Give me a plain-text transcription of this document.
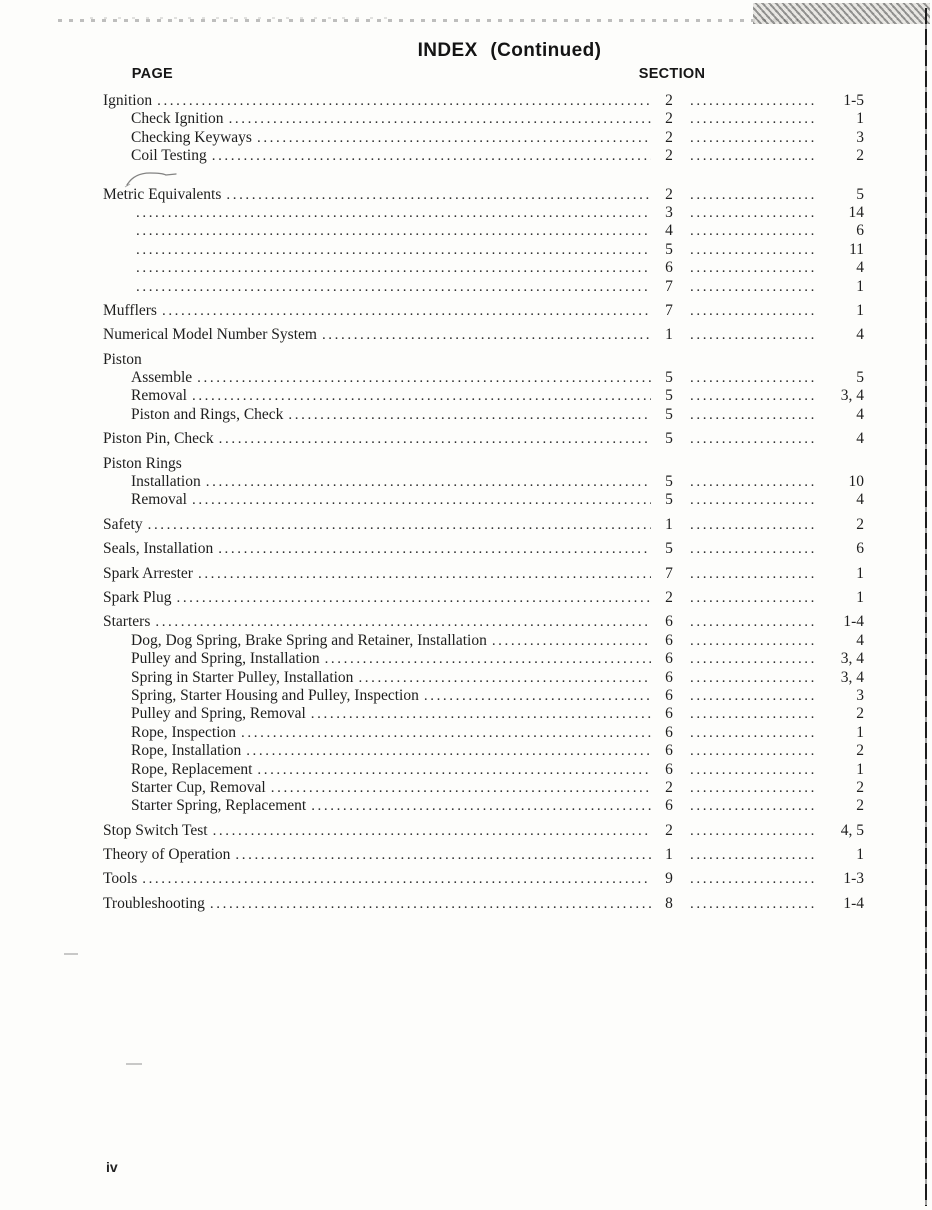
INDEX (Continued)
SECTION
PAGE
Ignition .....	2 .....	1-5
Check Ignition .....	2 .....	1
Checking Keyways .....	2 .....	3
Coil Testing .....	2 .....	2
Metric Equivalents .....	2 .....	5
.....
3 .....	14
.....
4 .....	6
.....
5 .....	11
.....
6 .....	4
.....
7 .....	1
Mufflers .....	7 .....	1
Numerical Model Number System .....	1 .....	4
Piston
Assemble .....	5 .....	5
Removal .....	5 .....	3, 4
Piston and Rings, Check .....	5 .....	4
Piston Pin, Check .....	5 .....	4
Piston Rings
Installation .....	5 .....	10
Removal .....	5 .....	4
Safety .....	1 .....	2
Seals, Installation .....	5 .....	6
Spark Arrester .....	7 .....	1
Spark Plug .....	2 .....	1
Starters .....	6 .....	1-4
Dog, Dog Spring, Brake Spring and Retainer, Installation .....	6 .....	4
Pulley and Spring, Installation .....	6 .....	3, 4
Spring in Starter Pulley, Installation .....	6 .....	3, 4
Spring, Starter Housing and Pulley, Inspection .....	6 .....	3
Pulley and Spring, Removal .....	6 .....	2
Rope, Inspection .....	6 .....	1
Rope, Installation .....	6 .....	2
Rope, Replacement .....	6 .....	1
Starter Cup, Removal .....	2 .....	2
Starter Spring, Replacement .....	6 .....	2
Stop Switch Test .....	2 .....	4, 5
Theory of Operation .....	1 .....	1
Tools .....	9 .....	1-3
Troubleshooting .....	8 .....	1-4
iv
